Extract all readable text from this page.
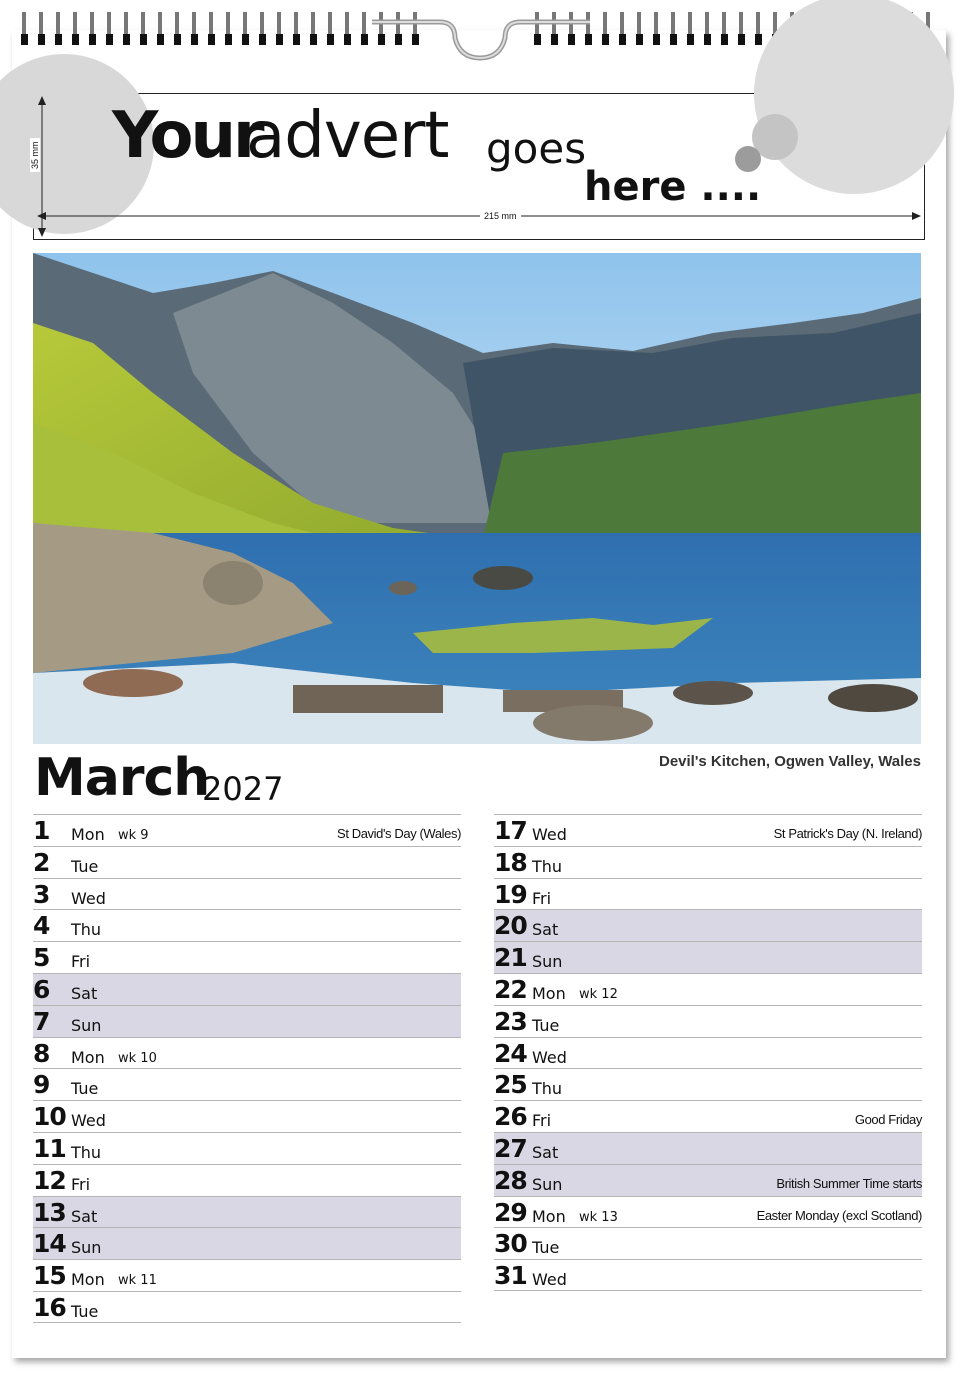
Your
advert goes
here ....
215 mm
35 mm
Devil's Kitchen, Ogwen Valley, Wales
March
2027
1 Mon wk 9	St David's Day (Wales)
2 Tue
3 Wed
4 Thu
5 Fri
6 Sat
7 Sun
8 Mon wk 10
9 Tue
10 Wed
11 Thu
12 Fri
13 Sat
14 Sun
15 Mon wk 11
16 Tue
17 Wed	St Patrick's Day (N. Ireland)
18 Thu
19 Fri
20 Sat
21 Sun
22 Mon wk 12
23 Tue
24 Wed
25 Thu
26 Fri	Good Friday
27 Sat
28 Sun	British Summer Time starts
29 Mon wk 13	Easter Monday (excl Scotland)
30 Tue
31 Wed
